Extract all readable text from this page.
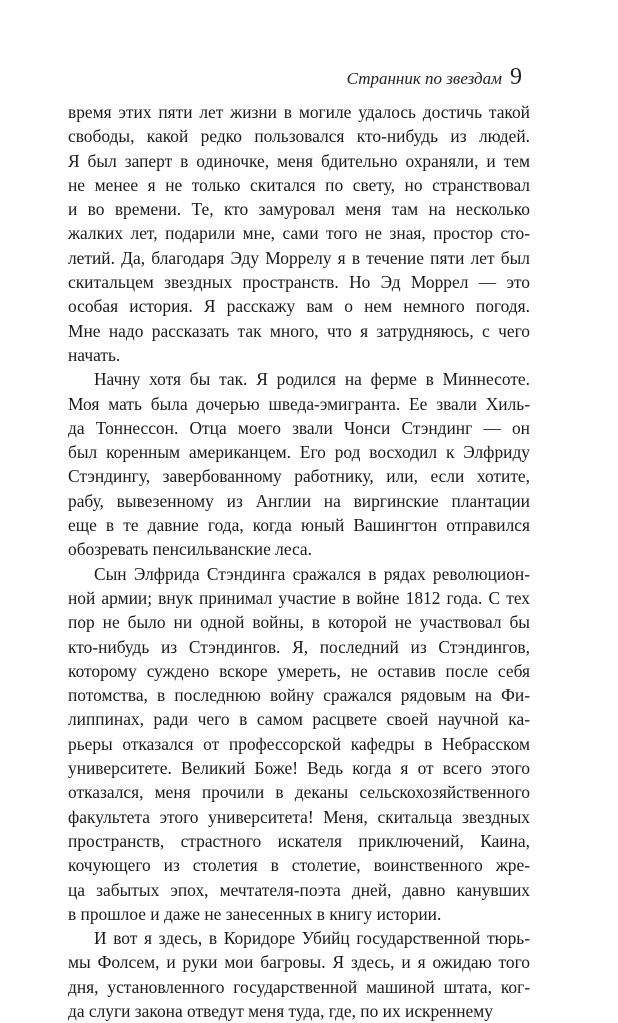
Странник по звездам 9
время этих пяти лет жизни в могиле удалось достичь такой
свободы, какой редко пользовался кто-нибудь из людей.
Я был заперт в одиночке, меня бдительно охраняли, и тем
не менее я не только скитался по свету, но странствовал
и во времени. Те, кто замуровал меня там на несколько
жалких лет, подарили мне, сами того не зная, простор сто-
летий. Да, благодаря Эду Моррелу я в течение пяти лет был
скитальцем звездных пространств. Но Эд Моррел — это
особая история. Я расскажу вам о нем немного погодя.
Мне надо рассказать так много, что я затрудняюсь, с чего
начать.
Начну хотя бы так. Я родился на ферме в Миннесоте.
Моя мать была дочерью шведа-эмигранта. Ее звали Хиль-
да Тоннессон. Отца моего звали Чонси Стэндинг — он
был коренным американцем. Его род восходил к Элфриду
Стэндингу, завербованному работнику, или, если хотите,
рабу, вывезенному из Англии на виргинские плантации
еще в те давние года, когда юный Вашингтон отправился
обозревать пенсильванские леса.
Сын Элфрида Стэндинга сражался в рядах революцион-
ной армии; внук принимал участие в войне 1812 года. С тех
пор не было ни одной войны, в которой не участвовал бы
кто-нибудь из Стэндингов. Я, последний из Стэндингов,
которому суждено вскоре умереть, не оставив после себя
потомства, в последнюю войну сражался рядовым на Фи-
липпинах, ради чего в самом расцвете своей научной ка-
рьеры отказался от профессорской кафедры в Небрасском
университете. Великий Боже! Ведь когда я от всего этого
отказался, меня прочили в деканы сельскохозяйственного
факультета этого университета! Меня, скитальца звездных
пространств, страстного искателя приключений, Каина,
кочующего из столетия в столетие, воинственного жре-
ца забытых эпох, мечтателя-поэта дней, давно канувших
в прошлое и даже не занесенных в книгу истории.
И вот я здесь, в Коридоре Убийц государственной тюрь-
мы Фолсем, и руки мои багровы. Я здесь, и я ожидаю того
дня, установленного государственной машиной штата, ког-
да слуги закона отведут меня туда, где, по их искреннему
